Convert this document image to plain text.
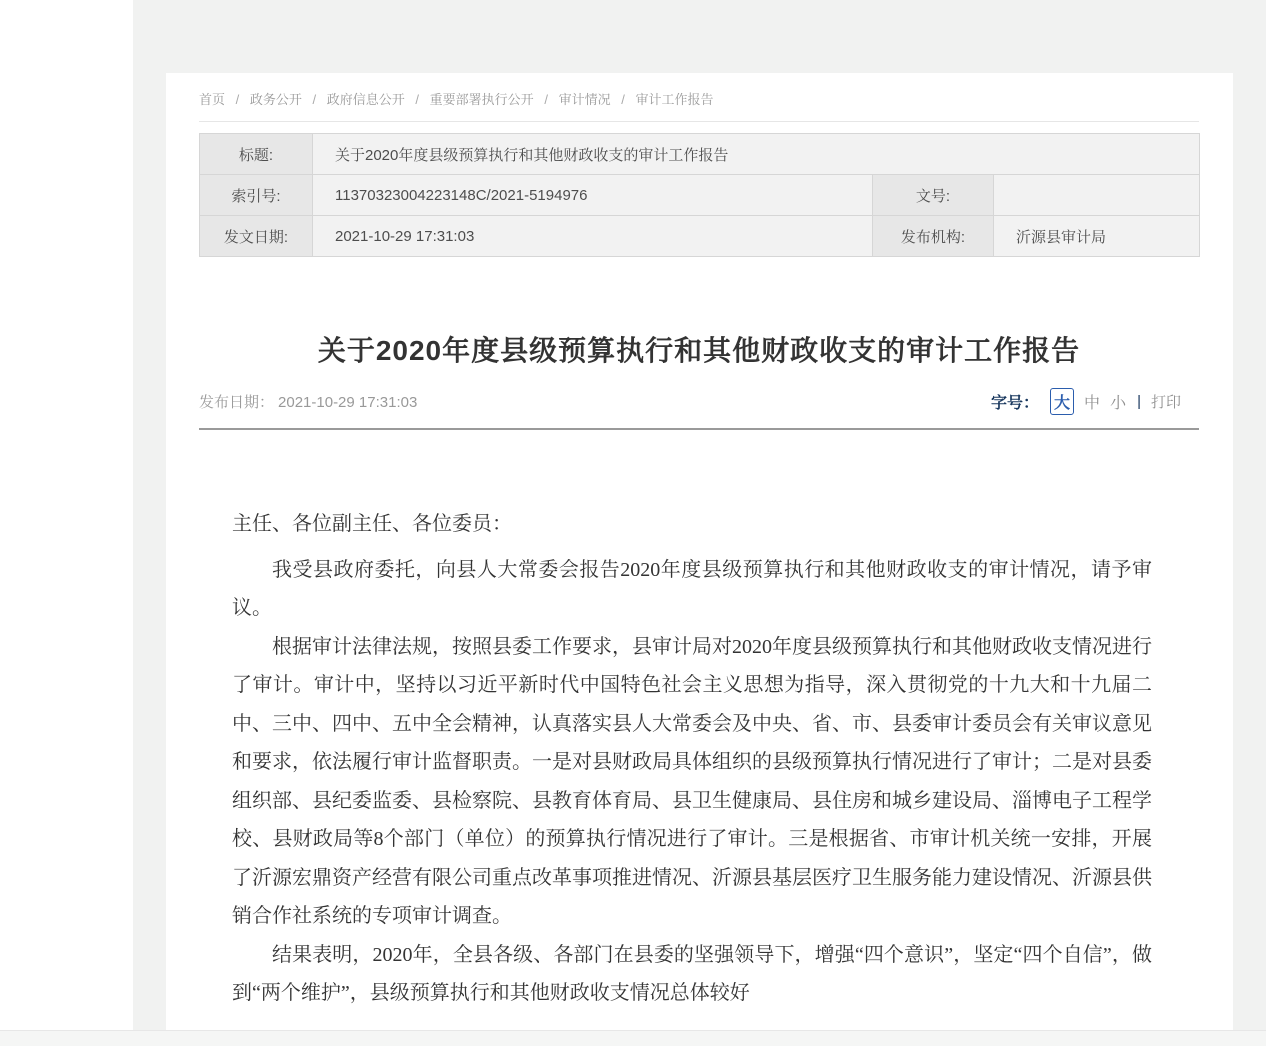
首页 / 政务公开 / 政府信息公开 / 重要部署执行公开 / 审计情况 / 审计工作报告
标题:	关于2020年度县级预算执行和其他财政收支的审计工作报告		
索引号:	11370323004223148C/2021-5194976	文号:	
发文日期:	2021-10-29 17:31:03	发布机构:	沂源县审计局
关于2020年度县级预算执行和其他财政收支的审计工作报告
发布日期： 2021-10-29 17:31:03	字号： 大 中 小 | 打印

主任、各位副主任、各位委员：

我受县政府委托，向县人大常委会报告2020年度县级预算执行和其他财政收支的审计情况，请予审议。

根据审计法律法规，按照县委工作要求，县审计局对2020年度县级预算执行和其他财政收支情况进行了审计。审计中，坚持以习近平新时代中国特色社会主义思想为指导，深入贯彻党的十九大和十九届二中、三中、四中、五中全会精神，认真落实县人大常委会及中央、省、市、县委审计委员会有关审议意见和要求，依法履行审计监督职责。一是对县财政局具体组织的县级预算执行情况进行了审计；二是对县委组织部、县纪委监委、县检察院、县教育体育局、县卫生健康局、县住房和城乡建设局、淄博电子工程学校、县财政局等8个部门（单位）的预算执行情况进行了审计。三是根据省、市审计机关统一安排，开展了沂源宏鼎资产经营有限公司重点改革事项推进情况、沂源县基层医疗卫生服务能力建设情况、沂源县供销合作社系统的专项审计调查。

结果表明，2020年，全县各级、各部门在县委的坚强领导下，增强“四个意识”，坚定“四个自信”，做到“两个维护”，县级预算执行和其他财政收支情况总体较好
